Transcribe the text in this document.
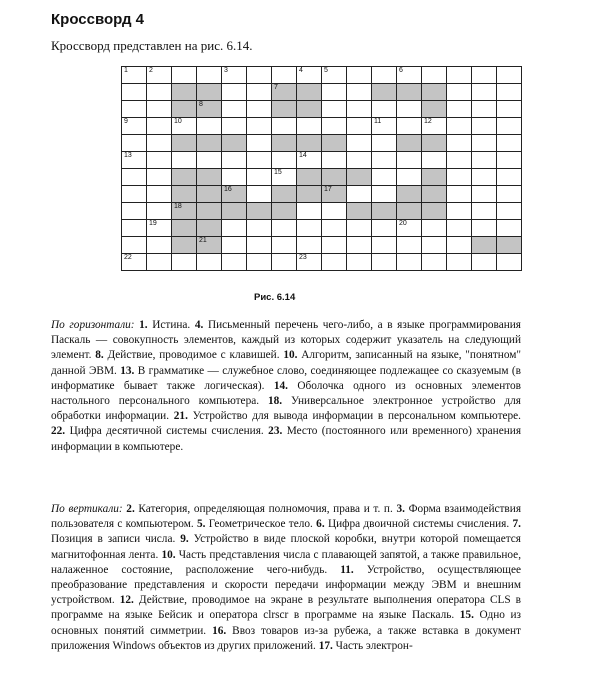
Кроссворд 4
Кроссворд представлен на рис. 6.14.
1	2	3	4	5	6
7
8
9	10	11	12
13	14
15
16	17
18
19	20
21
22	23
Рис. 6.14
По горизонтали: 1. Истина. 4. Письменный перечень чего-либо, а в языке программирования Паскаль — совокупность элементов, каждый из которых содержит указатель на следующий элемент. 8. Действие, проводимое с клавишей. 10. Алгоритм, записанный на языке, "понятном" данной ЭВМ. 13. В грамматике — служебное слово, соединяющее подлежащее со сказуемым (в информатике бывает также логическая). 14. Оболочка одного из основных элементов настольного персонального компьютера. 18. Универсальное электронное устройство для обработки информации. 21. Устройство для вывода информации в персональном компьютере. 22. Цифра десятичной системы счисления. 23. Место (постоянного или временного) хранения информации в компьютере.
По вертикали: 2. Категория, определяющая полномочия, права и т. п. 3. Форма взаимодействия пользователя с компьютером. 5. Геометрическое тело. 6. Цифра двоичной системы счисления. 7. Позиция в записи числа. 9. Устройство в виде плоской коробки, внутри которой помещается магнитофонная лента. 10. Часть представления числа с плавающей запятой, а также правильное, налаженное состояние, расположение чего-нибудь. 11. Устройство, осуществляющее преобразование представления и скорости передачи информации между ЭВМ и внешним устройством. 12. Действие, проводимое на экране в результате выполнения оператора CLS в программе на языке Бейсик и оператора clrscr в программе на языке Паскаль. 15. Одно из основных понятий симметрии. 16. Ввоз товаров из-за рубежа, а также вставка в документ приложения Windows объектов из других приложений. 17. Часть электрон-
